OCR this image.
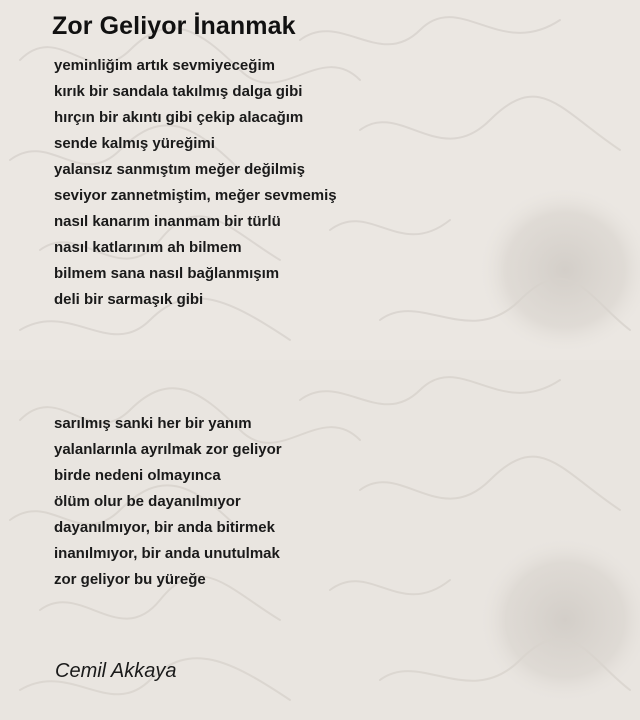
Zor Geliyor İnanmak
yeminliğim artık sevmiyeceğim
kırık bir sandala takılmış dalga gibi
hırçın bir akıntı gibi çekip alacağım
sende kalmış yüreğimi
yalansız sanmıştım meğer değilmiş
seviyor zannetmiştim, meğer sevmemiş
nasıl kanarım inanmam bir türlü
nasıl katlarınım ah bilmem
bilmem sana nasıl bağlanmışım
deli bir sarmaşık gibi
sarılmış sanki her bir yanım
yalanlarınla ayrılmak zor geliyor
birde nedeni olmayınca
ölüm olur be dayanılmıyor
dayanılmıyor, bir anda bitirmek
inanılmıyor, bir anda unutulmak
zor geliyor bu yüreğe

Cemil Akkaya
